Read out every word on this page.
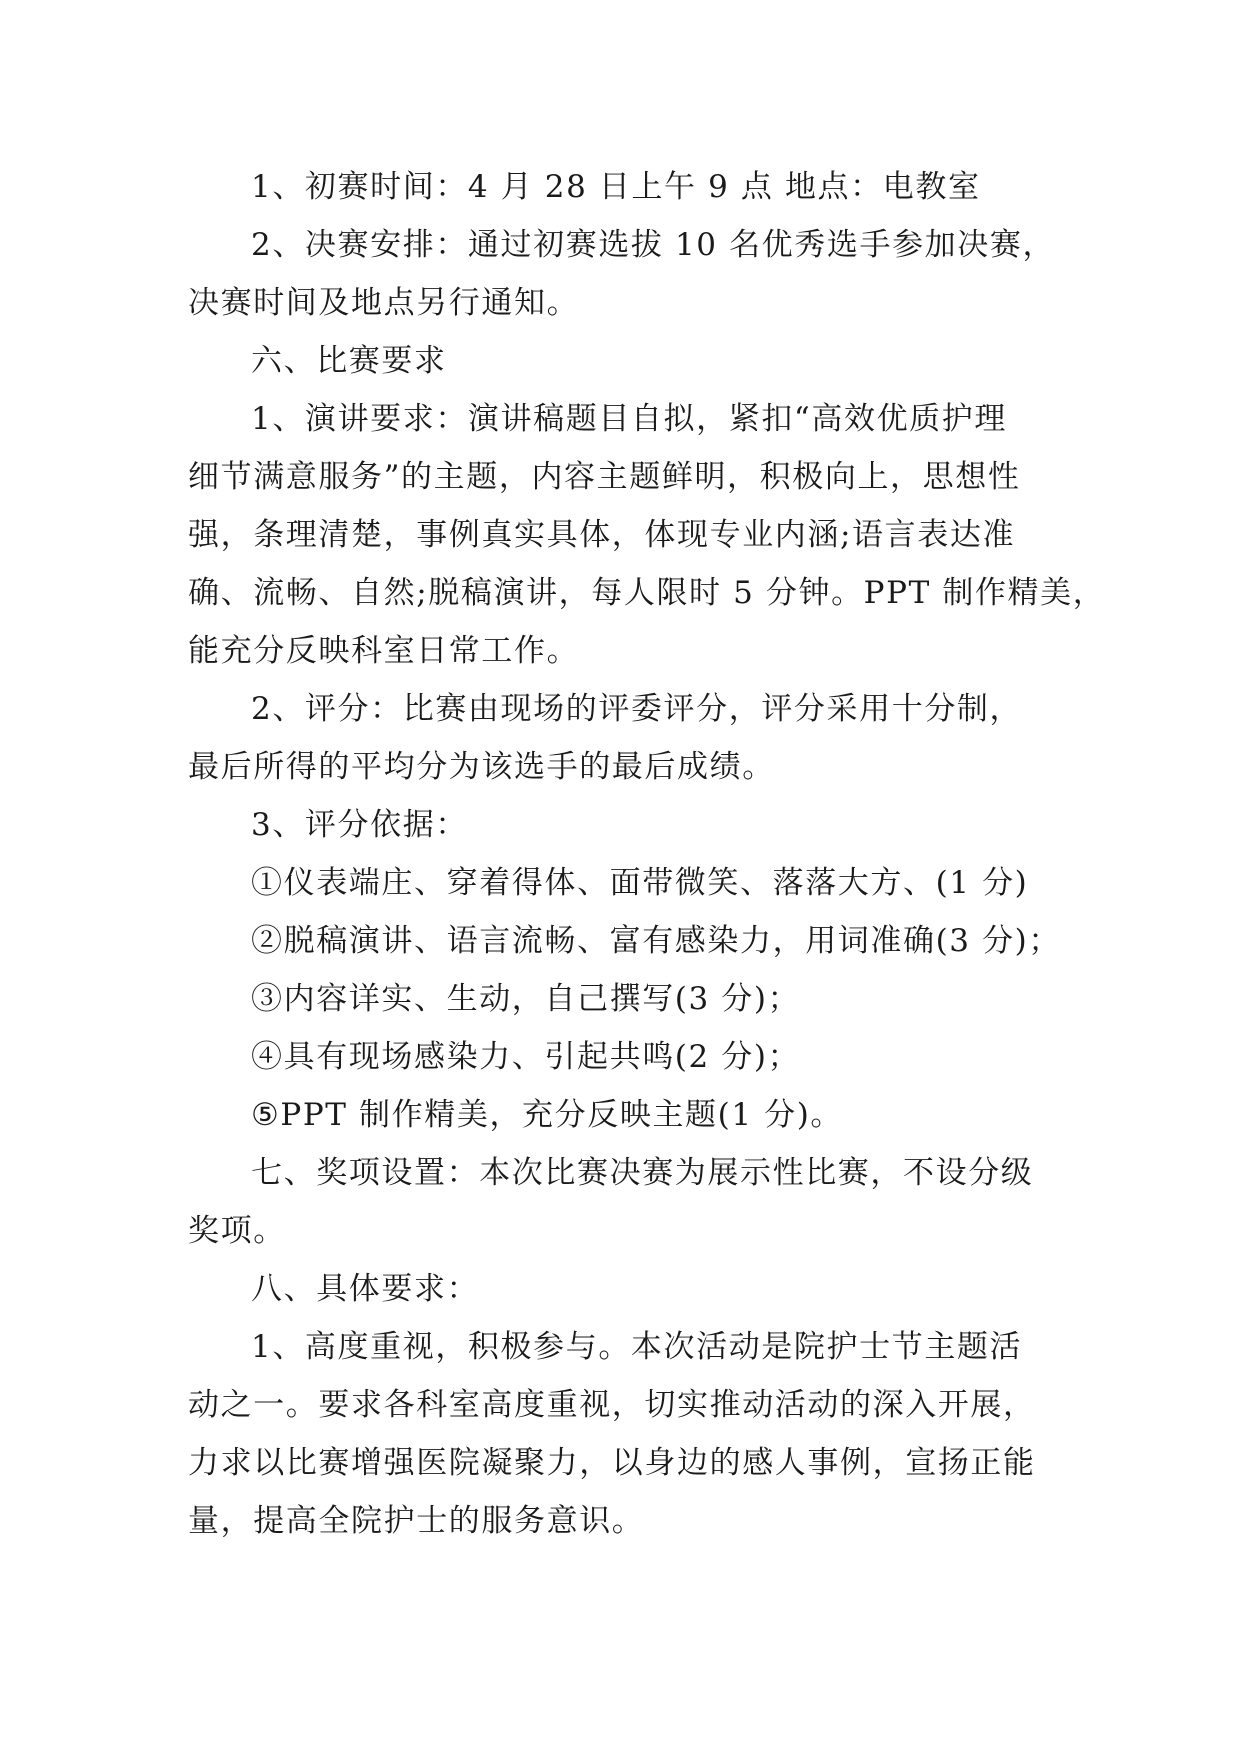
1、初赛时间：4 月 28 日上午 9 点 地点：电教室
2、决赛安排：通过初赛选拔 10 名优秀选手参加决赛，
决赛时间及地点另行通知。
六、比赛要求
1、演讲要求：演讲稿题目自拟，紧扣“高效优质护理
细节满意服务”的主题，内容主题鲜明，积极向上，思想性
强，条理清楚，事例真实具体，体现专业内涵;语言表达准
确、流畅、自然;脱稿演讲，每人限时 5 分钟。PPT 制作精美，
能充分反映科室日常工作。
2、评分：比赛由现场的评委评分，评分采用十分制，
最后所得的平均分为该选手的最后成绩。
3、评分依据：
①仪表端庄、穿着得体、面带微笑、落落大方、(1 分)
②脱稿演讲、语言流畅、富有感染力，用词准确(3 分)；
③内容详实、生动，自己撰写(3 分)；
④具有现场感染力、引起共鸣(2 分)；
⑤PPT 制作精美，充分反映主题(1 分)。
七、奖项设置：本次比赛决赛为展示性比赛，不设分级
奖项。
八、具体要求：
1、高度重视，积极参与。本次活动是院护士节主题活
动之一。要求各科室高度重视，切实推动活动的深入开展，
力求以比赛增强医院凝聚力，以身边的感人事例，宣扬正能
量，提高全院护士的服务意识。
